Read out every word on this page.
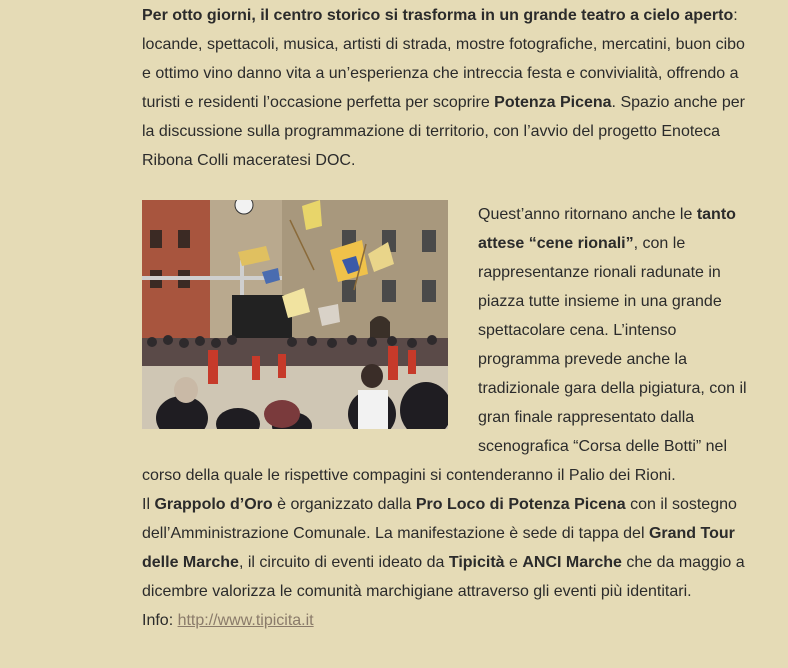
Per otto giorni, il centro storico si trasforma in un grande teatro a cielo aperto: locande, spettacoli, musica, artisti di strada, mostre fotografiche, mercatini, buon cibo e ottimo vino danno vita a un’esperienza che intreccia festa e convivialità, offrendo a turisti e residenti l’occasione perfetta per scoprire Potenza Picena. Spazio anche per la discussione sulla programmazione di territorio, con l’avvio del progetto Enoteca Ribona Colli maceratesi DOC.

Quest’anno ritornano anche le tanto attese “cene rionali”, con le rappresentanze rionali radunate in piazza tutte insieme in una grande spettacolare cena. L’intenso programma prevede anche la tradizionale gara della pigiatura, con il gran finale rappresentato dalla scenografica “Corsa delle Botti” nel corso della quale le rispettive compagini si contenderanno il Palio dei Rioni.
Il Grappolo d’Oro è organizzato dalla Pro Loco di Potenza Picena con il sostegno dell’Amministrazione Comunale. La manifestazione è sede di tappa del Grand Tour delle Marche, il circuito di eventi ideato da Tipicità e ANCI Marche che da maggio a dicembre valorizza le comunità marchigiane attraverso gli eventi più identitari.
Info: http://www.tipicita.it
